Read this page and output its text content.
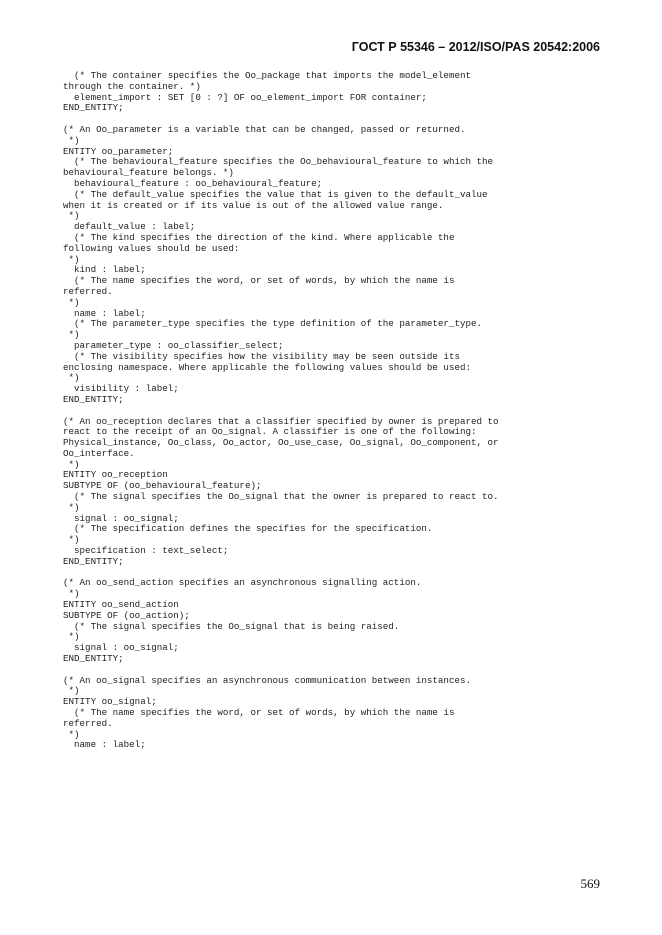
ГОСТ Р 55346 – 2012/ISO/PAS 20542:2006
(* The container specifies the Oo_package that imports the model_element
through the container. *)
element_import : SET [0 : ?] OF oo_element_import FOR container;
END_ENTITY;
(* An Oo_parameter is a variable that can be changed, passed or returned.
*)
ENTITY oo_parameter;
(* The behavioural_feature specifies the Oo_behavioural_feature to which the
behavioural_feature belongs. *)
behavioural_feature : oo_behavioural_feature;
(* The default_value specifies the value that is given to the default_value
when it is created or if its value is out of the allowed value range.
*)
default_value : label;
(* The kind specifies the direction of the kind. Where applicable the
following values should be used:
*)
kind : label;
(* The name specifies the word, or set of words, by which the name is
referred.
*)
name : label;
(* The parameter_type specifies the type definition of the parameter_type.
*)
parameter_type : oo_classifier_select;
(* The visibility specifies how the visibility may be seen outside its
enclosing namespace. Where applicable the following values should be used:
*)
visibility : label;
END_ENTITY;
(* An oo_reception declares that a classifier specified by owner is prepared to
react to the receipt of an Oo_signal. A classifier is one of the following:
Physical_instance, Oo_class, Oo_actor, Oo_use_case, Oo_signal, Oo_component, or
Oo_interface.
*)
ENTITY oo_reception
SUBTYPE OF (oo_behavioural_feature);
(* The signal specifies the Oo_signal that the owner is prepared to react to.
*)
signal : oo_signal;
(* The specification defines the specifies for the specification.
*)
specification : text_select;
END_ENTITY;
(* An oo_send_action specifies an asynchronous signalling action.
*)
ENTITY oo_send_action
SUBTYPE OF (oo_action);
(* The signal specifies the Oo_signal that is being raised.
*)
signal : oo_signal;
END_ENTITY;
(* An oo_signal specifies an asynchronous communication between instances.
*)
ENTITY oo_signal;
(* The name specifies the word, or set of words, by which the name is
referred.
*)
name : label;
569
